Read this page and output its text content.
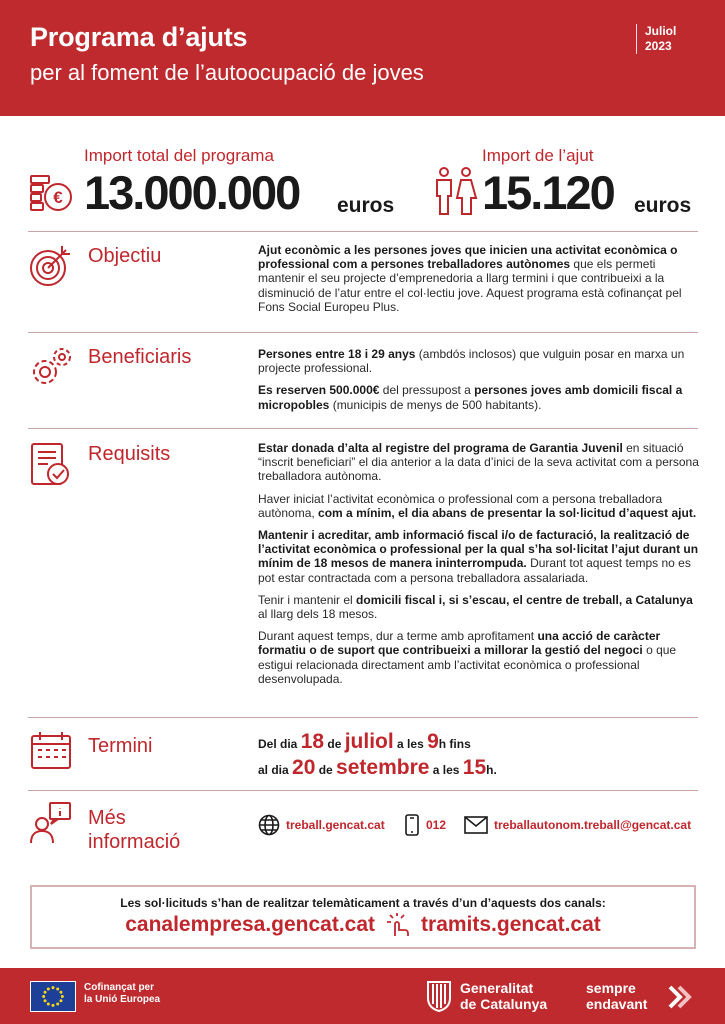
Programa d’ajuts
per al foment de l’autoocupació de joves
Juliol
2023
€
Import total del programa
13.000.000 euros
Import de l’ajut
15.120 euros
Objectiu	Ajut econòmic a les persones joves que inicien una activitat econòmica o professional com a persones treballadores autònomes que els permeti mantenir el seu projecte d’emprenedoria a llarg termini i que contribueixi a la disminució de l’atur entre el col·lectiu jove. Aquest programa està cofinançat pel Fons Social Europeu Plus.

Beneficiaris	Persones entre 18 i 29 anys (ambdós inclosos) que vulguin posar en marxa un projecte professional.

Es reserven 500.000€ del pressupost a persones joves amb domicili fiscal a micropobles (municipis de menys de 500 habitants).

Requisits	Estar donada d’alta al registre del programa de Garantia Juvenil en situació “inscrit beneficiari” el dia anterior a la data d’inici de la seva activitat com a persona treballadora autònoma.

Haver iniciat l’activitat econòmica o professional com a persona treballadora autònoma, com a mínim, el dia abans de presentar la sol·licitud d’aquest ajut.

Mantenir i acreditar, amb informació fiscal i/o de facturació, la realització de l’activitat econòmica o professional per la qual s’ha sol·licitat l’ajut durant un mínim de 18 mesos de manera ininterrompuda. Durant tot aquest temps no es pot estar contractada com a persona treballadora assalariada.

Tenir i mantenir el domicili fiscal i, si s’escau, el centre de treball, a Catalunya al llarg dels 18 mesos.

Durant aquest temps, dur a terme amb aprofitament una acció de caràcter formatiu o de suport que contribueixi a millorar la gestió del negoci o que estigui relacionada directament amb l’activitat econòmica o professional desenvolupada.

Termini	Del dia 18 de juliol a les 9h fins
al dia 20 de setembre a les 15h.
Més
informació
treball.gencat.cat	012	treballautonom.treball@gencat.cat
Les sol·licituds s’han de realitzar telemàticament a través d’un d’aquests dos canals:
canalempresa.gencat.cat tramits.gencat.cat
Cofinançat per
la Unió Europea
Generalitat
de Catalunya
sempre
endavant
